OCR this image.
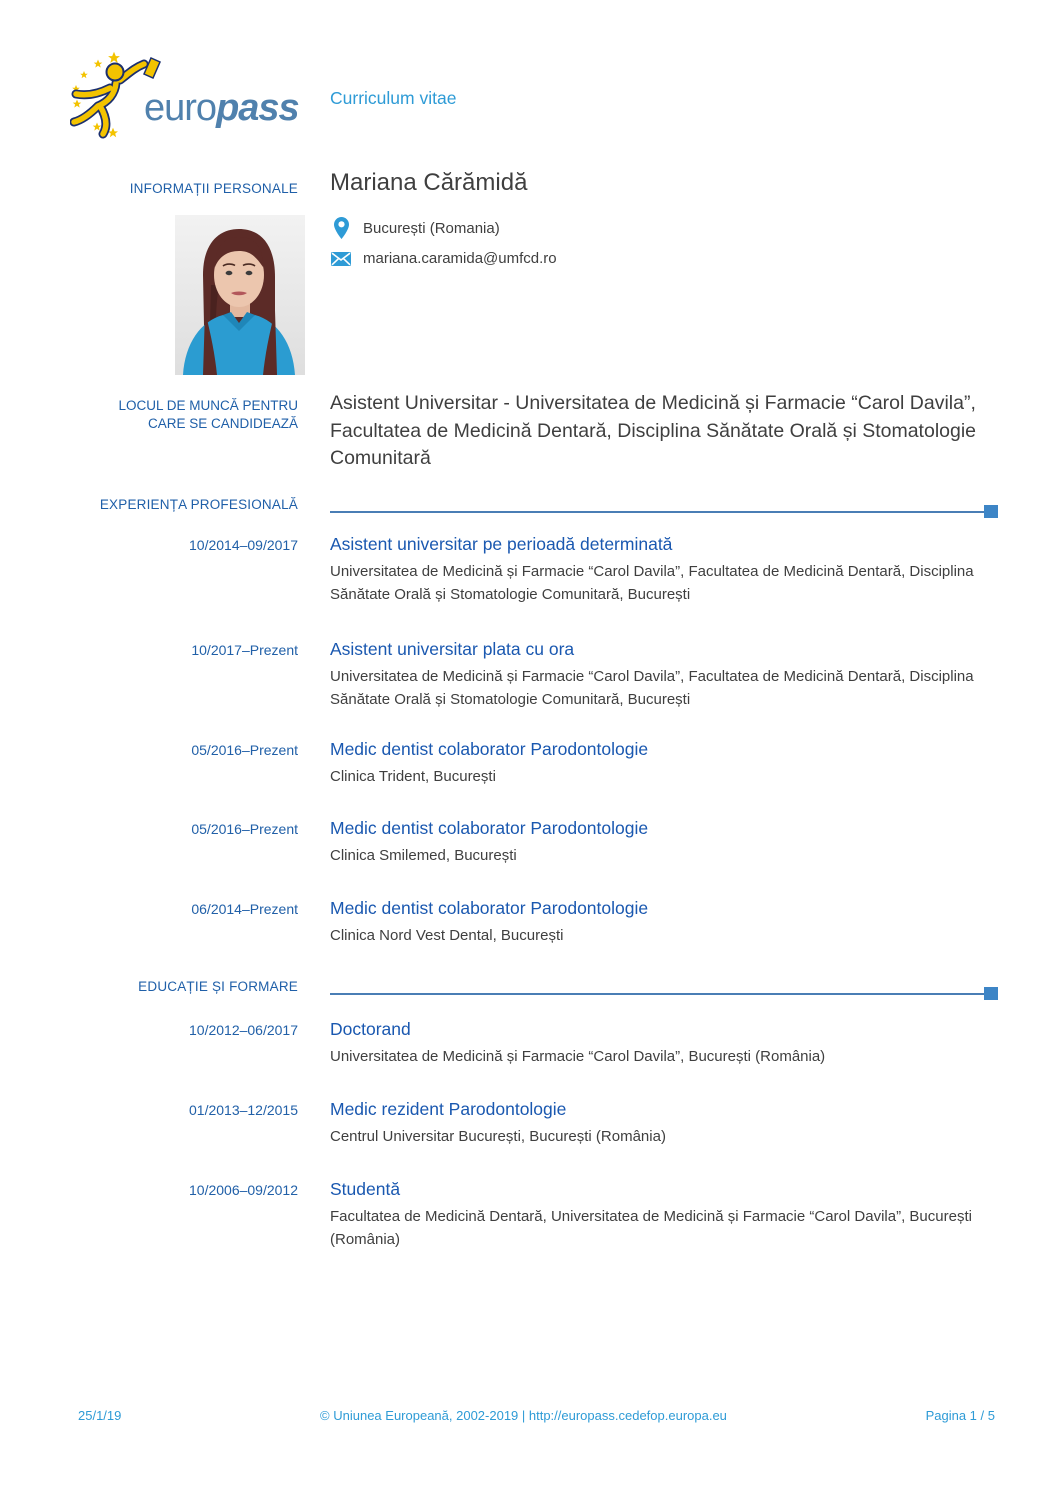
europass Curriculum vitae
INFORMAȚII PERSONALE Mariana Cărămidă
București (Romania)
mariana.caramida@umfcd.ro
LOCUL DE MUNCĂ PENTRU
CARE SE CANDIDEAZĂ
Asistent Universitar - Universitatea de Medicină și Farmacie “Carol Davila”, Facultatea de Medicină Dentară, Disciplina Sănătate Orală și Stomatologie Comunitară
EXPERIENȚA PROFESIONALĂ
10/2014–09/2017 Asistent universitar pe perioadă determinată
Universitatea de Medicină și Farmacie “Carol Davila”, Facultatea de Medicină Dentară, Disciplina Sănătate Orală și Stomatologie Comunitară, București
10/2017–Prezent Asistent universitar plata cu ora
Universitatea de Medicină și Farmacie “Carol Davila”, Facultatea de Medicină Dentară, Disciplina Sănătate Orală și Stomatologie Comunitară, București
05/2016–Prezent Medic dentist colaborator Parodontologie
Clinica Trident, București
05/2016–Prezent Medic dentist colaborator Parodontologie
Clinica Smilemed, București
06/2014–Prezent Medic dentist colaborator Parodontologie
Clinica Nord Vest Dental, București
EDUCAȚIE ȘI FORMARE
10/2012–06/2017 Doctorand
Universitatea de Medicină și Farmacie “Carol Davila”, București (România)
01/2013–12/2015 Medic rezident Parodontologie
Centrul Universitar București, București (România)
10/2006–09/2012 Studentă
Facultatea de Medicină Dentară, Universitatea de Medicină și Farmacie “Carol Davila”, București (România)
25/1/19	© Uniunea Europeană, 2002-2019 | http://europass.cedefop.europa.eu	Pagina 1 / 5
